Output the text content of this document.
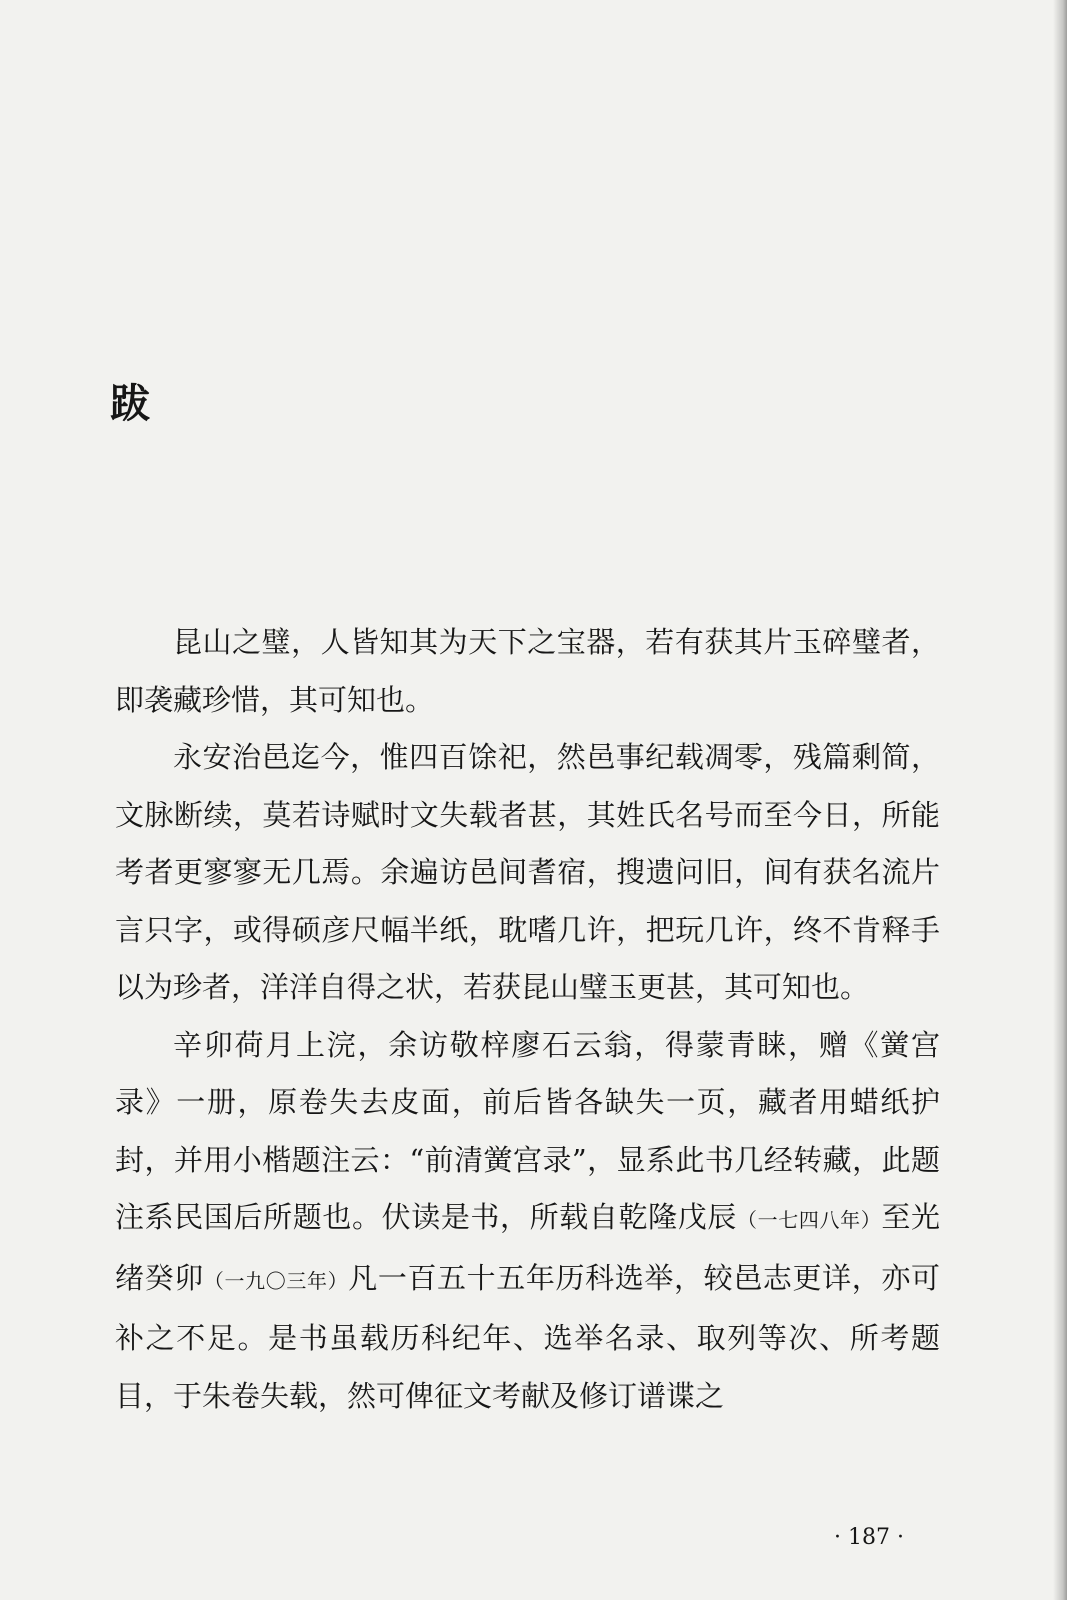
跋

昆山之璧，人皆知其为天下之宝器，若有获其片玉碎璧者，即袭藏珍惜，其可知也。

永安治邑迄今，惟四百馀祀，然邑事纪载凋零，残篇剩简，文脉断续，莫若诗赋时文失载者甚，其姓氏名号而至今日，所能考者更寥寥无几焉。余遍访邑间耆宿，搜遗问旧，间有获名流片言只字，或得硕彦尺幅半纸，耽嗜几许，把玩几许，终不肯释手以为珍者，洋洋自得之状，若获昆山璧玉更甚，其可知也。

辛卯荷月上浣，余访敬梓廖石云翁，得蒙青睐，赠《黉宫录》一册，原卷失去皮面，前后皆各缺失一页，藏者用蜡纸护封，并用小楷题注云：“前清黉宫录”，显系此书几经转藏，此题注系民国后所题也。伏读是书，所载自乾隆戊辰（一七四八年）至光绪癸卯（一九〇三年）凡一百五十五年历科选举，较邑志更详，亦可补之不足。是书虽载历科纪年、选举名录、取列等次、所考题目，于朱卷失载，然可俾征文考献及修订谱谍之

· 187 ·
